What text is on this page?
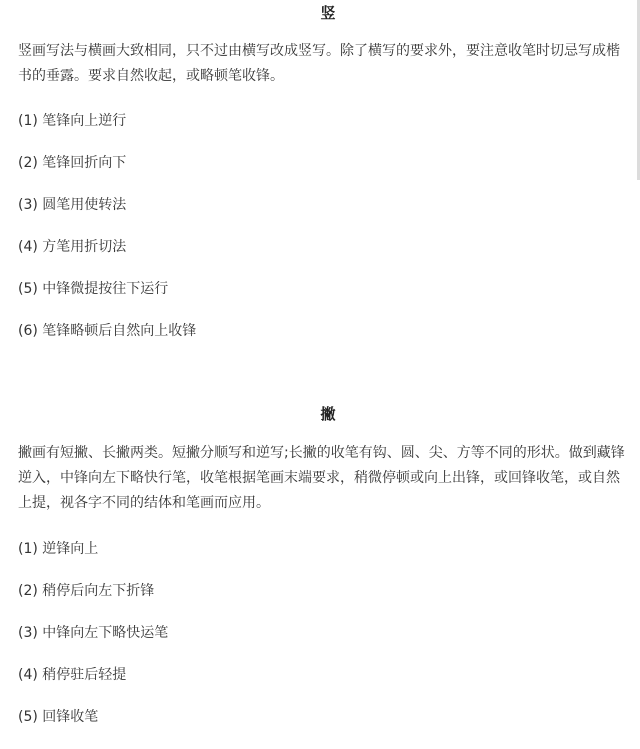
竖
竖画写法与横画大致相同，只不过由横写改成竖写。除了横写的要求外，要注意收笔时切忌写成楷书的垂露。要求自然收起，或略顿笔收锋。
(1) 笔锋向上逆行
(2) 笔锋回折向下
(3) 圆笔用使转法
(4) 方笔用折切法
(5) 中锋微提按往下运行
(6) 笔锋略顿后自然向上收锋
撇
撇画有短撇、长撇两类。短撇分顺写和逆写;长撇的收笔有钩、圆、尖、方等不同的形状。做到藏锋逆入，中锋向左下略快行笔，收笔根据笔画末端要求，稍微停顿或向上出锋，或回锋收笔，或自然上提，视各字不同的结体和笔画而应用。
(1) 逆锋向上
(2) 稍停后向左下折锋
(3) 中锋向左下略快运笔
(4) 稍停驻后轻提
(5) 回锋收笔
